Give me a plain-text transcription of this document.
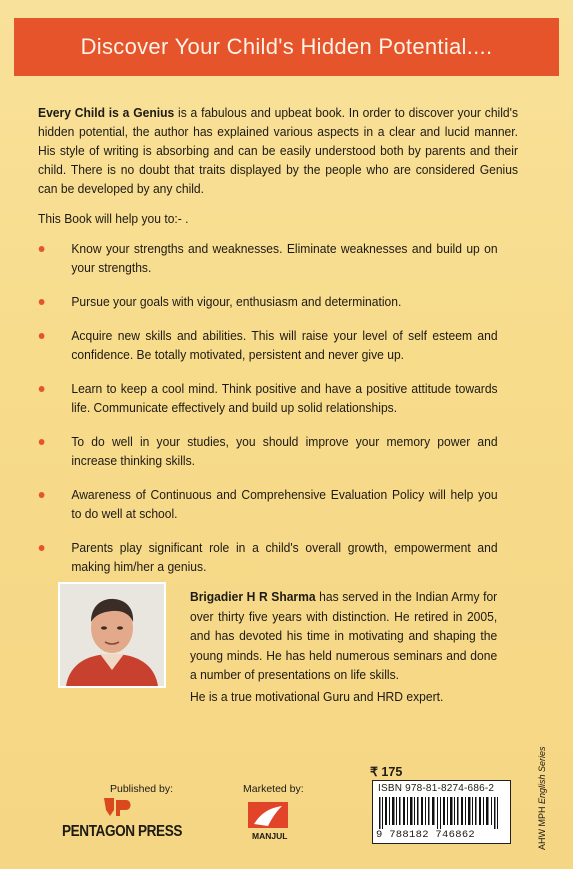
Discover Your Child's Hidden Potential....

Every Child is a Genius is a fabulous and upbeat book. In order to discover your child's hidden potential, the author has explained various aspects in a clear and lucid manner. His style of writing is absorbing and can be easily understood both by parents and their child. There is no doubt that traits displayed by the people who are considered Genius can be developed by any child.

This Book will help you to:- .

Know your strengths and weaknesses. Eliminate weaknesses and build up on your strengths.
Pursue your goals with vigour, enthusiasm and determination.
Acquire new skills and abilities. This will raise your level of self esteem and confidence. Be totally motivated, persistent and never give up.
Learn to keep a cool mind. Think positive and have a positive attitude towards life. Communicate effectively and build up solid relationships.
To do well in your studies, you should improve your memory power and increase thinking skills.
Awareness of Continuous and Comprehensive Evaluation Policy will help you to do well at school.
Parents play significant role in a child's overall growth, empowerment and making him/her a genius.

Brigadier H R Sharma has served in the Indian Army for over thirty five years with distinction. He retired in 2005, and has devoted his time in motivating and shaping the young minds. He has held numerous seminars and done a number of presentations on life skills.

He is a true motivational Guru and HRD expert.

AHW MPH English Series
Published by:	Marketed by:
PENTAGON PRESS	MANJUL
₹ 175
ISBN 978-81-8274-686-2
9 788182 746862
